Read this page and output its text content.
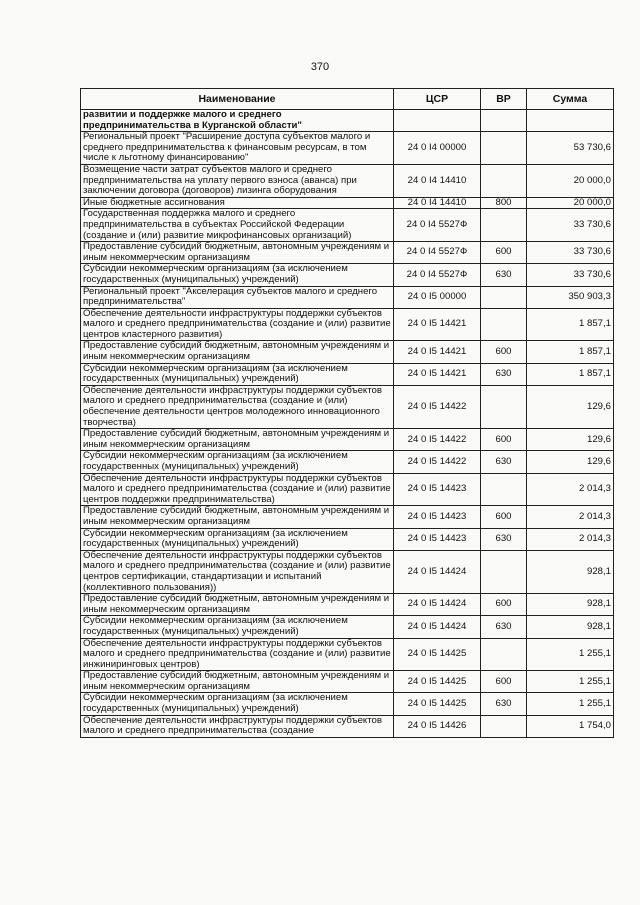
370
Наименование	ЦСР	ВР	Сумма
развитии и поддержке малого и среднего предпринимательства в Курганской области"			
Региональный проект "Расширение доступа субъектов малого и среднего предпринимательства к финансовым ресурсам, в том числе к льготному финансированию"	24 0 I4 00000		53 730,6
Возмещение части затрат субъектов малого и среднего предпринимательства на уплату первого взноса (аванса) при заключении договора (договоров) лизинга оборудования	24 0 I4 14410		20 000,0
Иные бюджетные ассигнования	24 0 I4 14410	800	20 000,0
Государственная поддержка малого и среднего предпринимательства в субъектах Российской Федерации (создание и (или) развитие микрофинансовых организаций)	24 0 I4 5527Ф		33 730,6
Предоставление субсидий бюджетным, автономным учреждениям и иным некоммерческим организациям	24 0 I4 5527Ф	600	33 730,6
Субсидии некоммерческим организациям (за исключением государственных (муниципальных) учреждений)	24 0 I4 5527Ф	630	33 730,6
Региональный проект "Акселерация субъектов малого и среднего предпринимательства"	24 0 I5 00000		350 903,3
Обеспечение деятельности инфраструктуры поддержки субъектов малого и среднего предпринимательства (создание и (или) развитие центров кластерного развития)	24 0 I5 14421		1 857,1
Предоставление субсидий бюджетным, автономным учреждениям и иным некоммерческим организациям	24 0 I5 14421	600	1 857,1
Субсидии некоммерческим организациям (за исключением государственных (муниципальных) учреждений)	24 0 I5 14421	630	1 857,1
Обеспечение деятельности инфраструктуры поддержки субъектов малого и среднего предпринимательства (создание и (или) обеспечение деятельности центров молодежного инновационного творчества)	24 0 I5 14422		129,6
Предоставление субсидий бюджетным, автономным учреждениям и иным некоммерческим организациям	24 0 I5 14422	600	129,6
Субсидии некоммерческим организациям (за исключением государственных (муниципальных) учреждений)	24 0 I5 14422	630	129,6
Обеспечение деятельности инфраструктуры поддержки субъектов малого и среднего предпринимательства (создание и (или) развитие центров поддержки предпринимательства)	24 0 I5 14423		2 014,3
Предоставление субсидий бюджетным, автономным учреждениям и иным некоммерческим организациям	24 0 I5 14423	600	2 014,3
Субсидии некоммерческим организациям (за исключением государственных (муниципальных) учреждений)	24 0 I5 14423	630	2 014,3
Обеспечение деятельности инфраструктуры поддержки субъектов малого и среднего предпринимательства (создание и (или) развитие центров сертификации, стандартизации и испытаний (коллективного пользования))	24 0 I5 14424		928,1
Предоставление субсидий бюджетным, автономным учреждениям и иным некоммерческим организациям	24 0 I5 14424	600	928,1
Субсидии некоммерческим организациям (за исключением государственных (муниципальных) учреждений)	24 0 I5 14424	630	928,1
Обеспечение деятельности инфраструктуры поддержки субъектов малого и среднего предпринимательства (создание и (или) развитие инжиниринговых центров)	24 0 I5 14425		1 255,1
Предоставление субсидий бюджетным, автономным учреждениям и иным некоммерческим организациям	24 0 I5 14425	600	1 255,1
Субсидии некоммерческим организациям (за исключением государственных (муниципальных) учреждений)	24 0 I5 14425	630	1 255,1
Обеспечение деятельности инфраструктуры поддержки субъектов малого и среднего предпринимательства (создание	24 0 I5 14426		1 754,0
